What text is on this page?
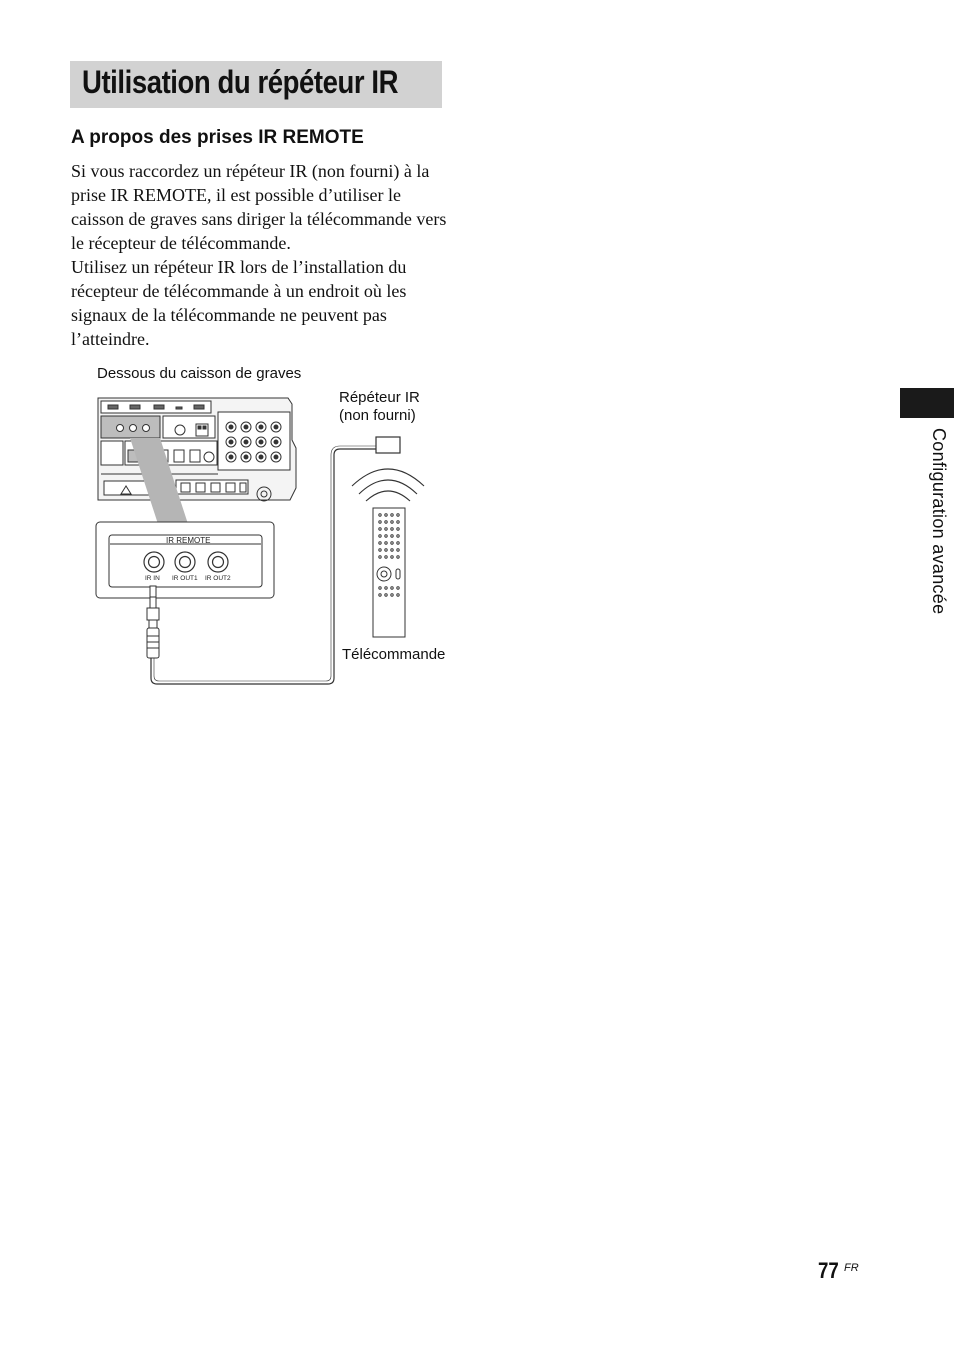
Utilisation du répéteur IR
A propos des prises IR REMOTE

Si vous raccordez un répéteur IR (non fourni) à la prise IR REMOTE, il est possible d’utiliser le caisson de graves sans diriger la télécommande vers le récepteur de télécommande.

Utilisez un répéteur IR lors de l’installation du récepteur de télécommande à un endroit où les signaux de la télécommande ne peuvent pas l’atteindre.

Dessous du caisson de graves
Répéteur IR
(non fourni)
Télécommande
IR REMOTE
IR IN IR OUT1 IR OUT2	Configuration avancée
77 FR
